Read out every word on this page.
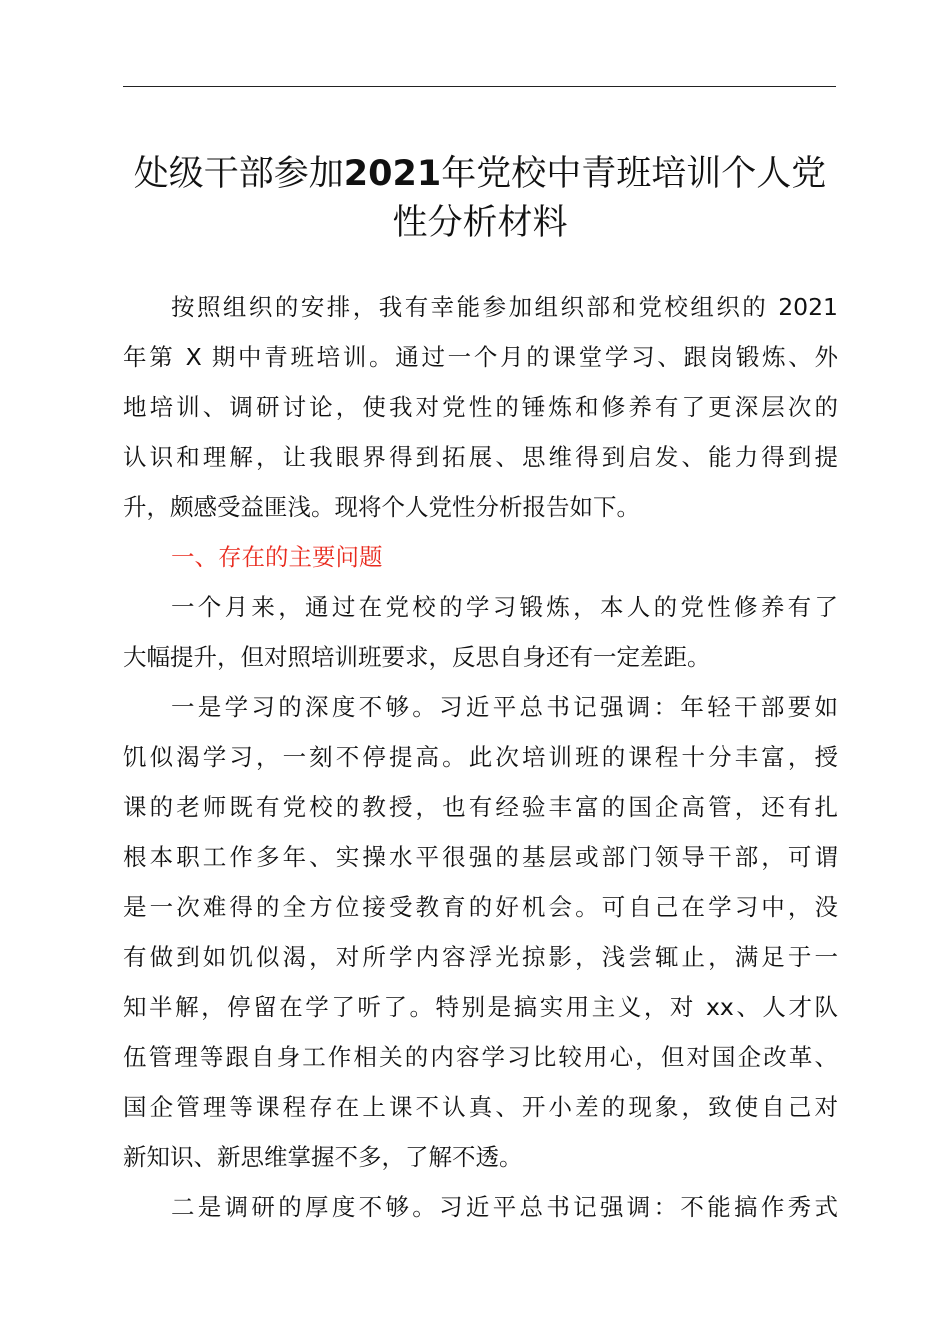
处级干部参加2021年党校中青班培训个人党
性分析材料
按照组织的安排，我有幸能参加组织部和党校组织的 2021
年第 X 期中青班培训。通过一个月的课堂学习、跟岗锻炼、外
地培训、调研讨论，使我对党性的锤炼和修养有了更深层次的
认识和理解，让我眼界得到拓展、思维得到启发、能力得到提
升，颇感受益匪浅。现将个人党性分析报告如下。
一、存在的主要问题
一个月来，通过在党校的学习锻炼，本人的党性修养有了
大幅提升，但对照培训班要求，反思自身还有一定差距。
一是学习的深度不够。习近平总书记强调：年轻干部要如
饥似渴学习，一刻不停提高。此次培训班的课程十分丰富，授
课的老师既有党校的教授，也有经验丰富的国企高管，还有扎
根本职工作多年、实操水平很强的基层或部门领导干部，可谓
是一次难得的全方位接受教育的好机会。可自己在学习中，没
有做到如饥似渴，对所学内容浮光掠影，浅尝辄止，满足于一
知半解，停留在学了听了。特别是搞实用主义，对 xx、人才队
伍管理等跟自身工作相关的内容学习比较用心，但对国企改革、
国企管理等课程存在上课不认真、开小差的现象，致使自己对
新知识、新思维掌握不多，了解不透。
二是调研的厚度不够。习近平总书记强调：不能搞作秀式
